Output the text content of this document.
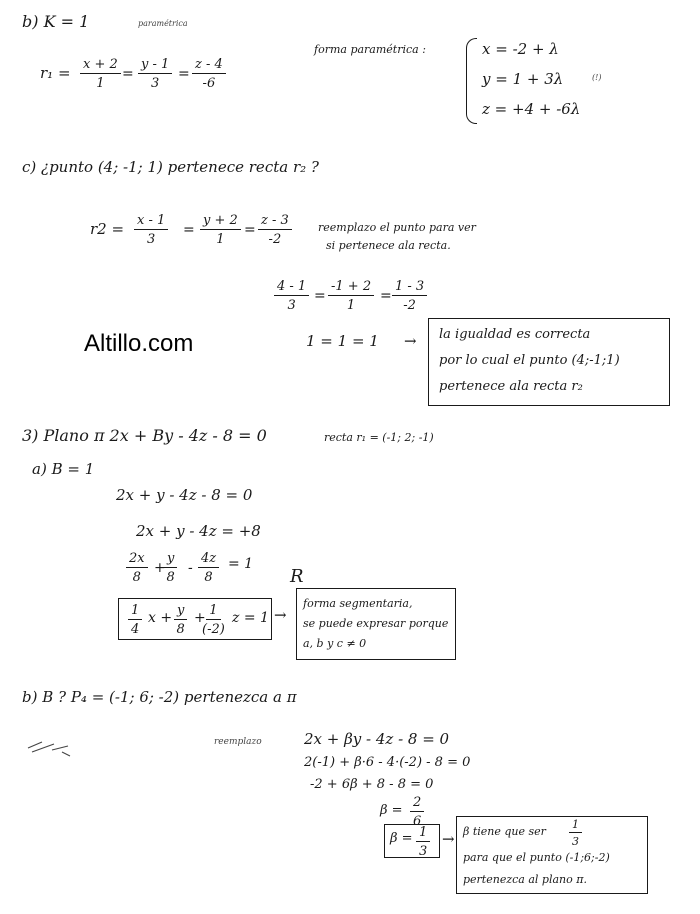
b) K = 1	paramétrica
$r_1 = \frac{x + 2}{1} = \frac{y - 1}{3} = \frac{z - 4}{-6}$
forma paramétrica :	x = -2 + λ
y = 1 + 3λ
z = +4 + -6λ
(!)
c) ¿punto (4; -1; 1) pertenece recta r₂ ?
$r2 = \frac{x - 1}{3} = \frac{y + 2}{1} = \frac{z - 3}{-2}$ reemplazo el punto para ver
si pertenece ala recta.
$\frac{4 - 1}{3} = \frac{-1 + 2}{1} = \frac{1 - 3}{-2}$
Altillo.com	1 = 1 = 1 → la igualdad es correcta
por lo cual el punto (4;-1;1)
pertenece ala recta r₂
3) Plano π 2x + By - 4z - 8 = 0	recta r₁ = (-1; 2; -1)
a) B = 1
2x + y - 4z - 8 = 0
2x + y - 4z = +8
$\frac{2x}{8}$ +
$\frac{y}{8} - \frac{4z}{8} = 1$
$\frac{1}{4}$ $x + \frac{y}{8}$ +
$\frac{1}{(-2)}$ z = 1 →
R
forma segmentaria,
se puede expresar porque
a, b y c ≠ 0
b) B ? P₄ = (-1; 6; -2) pertenezca a π
reemplazo	2x + βy - 4z - 8 = 0
2(-1) + β·6 - 4·(-2) - 8 = 0
-2 + 6β + 8 - 8 = 0
$\beta = \frac{2}{6}$
$\beta = \frac{1}{3} \to \beta$ tiene que ser $\frac{1}{3}$
para que el punto (-1;6;-2)
pertenezca al plano π.
